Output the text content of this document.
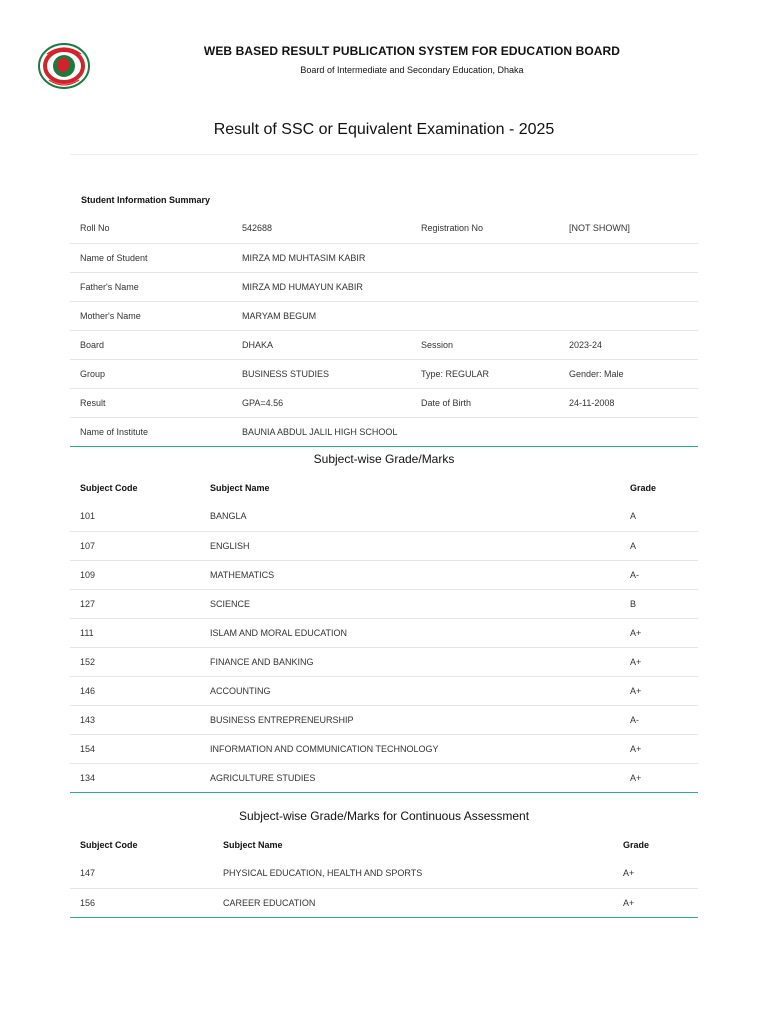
WEB BASED RESULT PUBLICATION SYSTEM FOR EDUCATION BOARD
Board of Intermediate and Secondary Education, Dhaka
Result of SSC or Equivalent Examination - 2025
Student Information Summary
Roll No	542688	Registration No	[NOT SHOWN]
Name of Student	MIRZA MD MUHTASIM KABIR		
Father's Name	MIRZA MD HUMAYUN KABIR		
Mother's Name	MARYAM BEGUM		
Board	DHAKA	Session	2023-24
Group	BUSINESS STUDIES	Type: REGULAR	Gender: Male
Result	GPA=4.56	Date of Birth	24-11-2008
Name of Institute	BAUNIA ABDUL JALIL HIGH SCHOOL		
Subject-wise Grade/Marks
Subject Code	Subject Name	Grade
101	BANGLA	A
107	ENGLISH	A
109	MATHEMATICS	A-
127	SCIENCE	B
111	ISLAM AND MORAL EDUCATION	A+
152	FINANCE AND BANKING	A+
146	ACCOUNTING	A+
143	BUSINESS ENTREPRENEURSHIP	A-
154	INFORMATION AND COMMUNICATION TECHNOLOGY	A+
134	AGRICULTURE STUDIES	A+
Subject-wise Grade/Marks for Continuous Assessment
Subject Code	Subject Name	Grade
147	PHYSICAL EDUCATION, HEALTH AND SPORTS	A+
156	CAREER EDUCATION	A+
